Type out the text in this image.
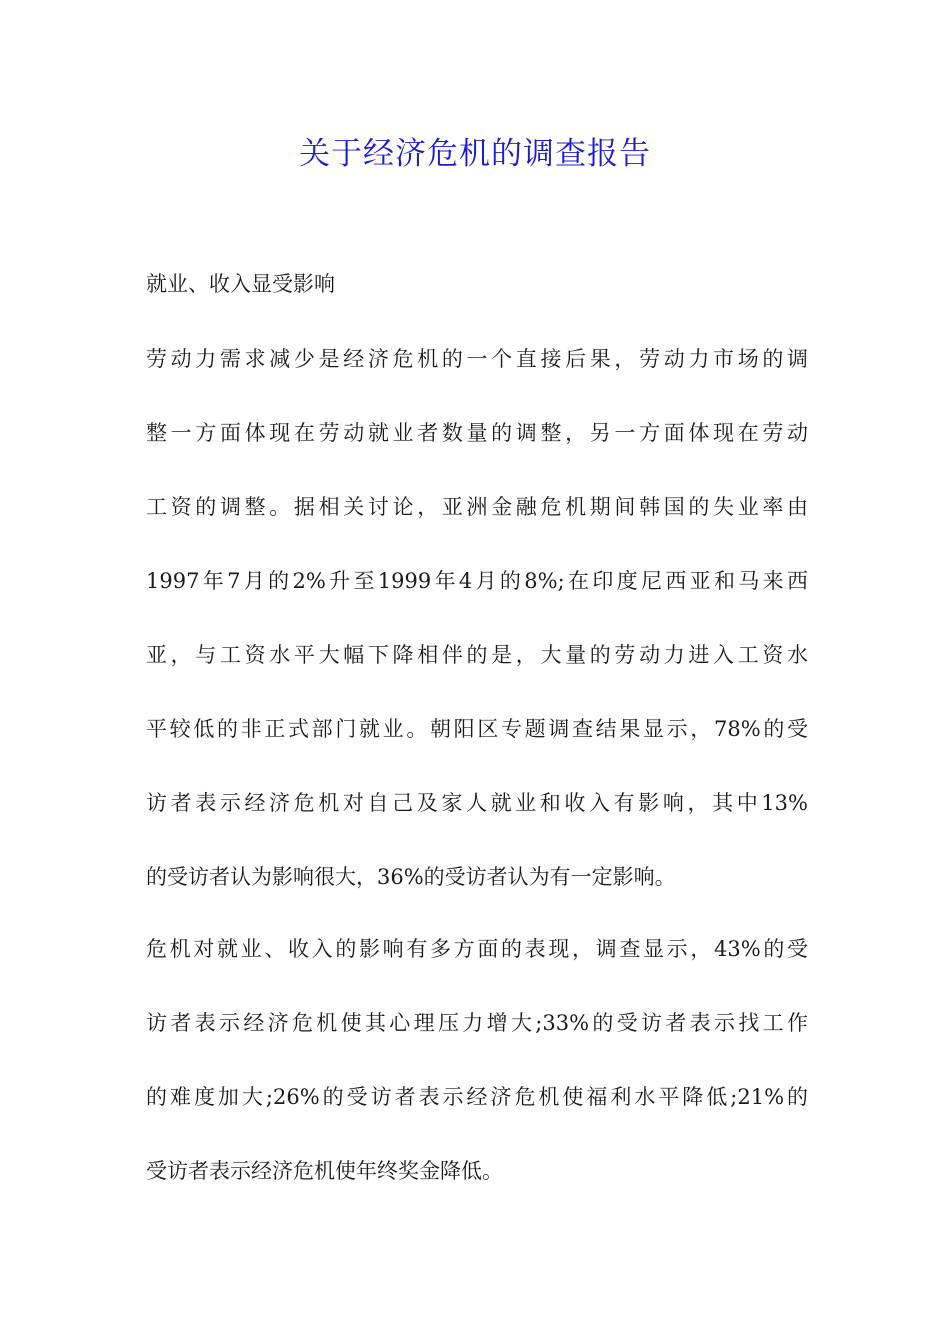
关于经济危机的调查报告

就业、收入显受影响

劳动力需求减少是经济危机的一个直接后果，劳动力市场的调
整一方面体现在劳动就业者数量的调整，另一方面体现在劳动
工资的调整。据相关讨论，亚洲金融危机期间韩国的失业率由
1997年7月的2%升至1999年4月的8%;在印度尼西亚和马来西
亚，与工资水平大幅下降相伴的是，大量的劳动力进入工资水
平较低的非正式部门就业。朝阳区专题调查结果显示，78%的受
访者表示经济危机对自己及家人就业和收入有影响，其中13%
的受访者认为影响很大，36%的受访者认为有一定影响。
危机对就业、收入的影响有多方面的表现，调查显示，43%的受
访者表示经济危机使其心理压力增大;33%的受访者表示找工作
的难度加大;26%的受访者表示经济危机使福利水平降低;21%的
受访者表示经济危机使年终奖金降低。
